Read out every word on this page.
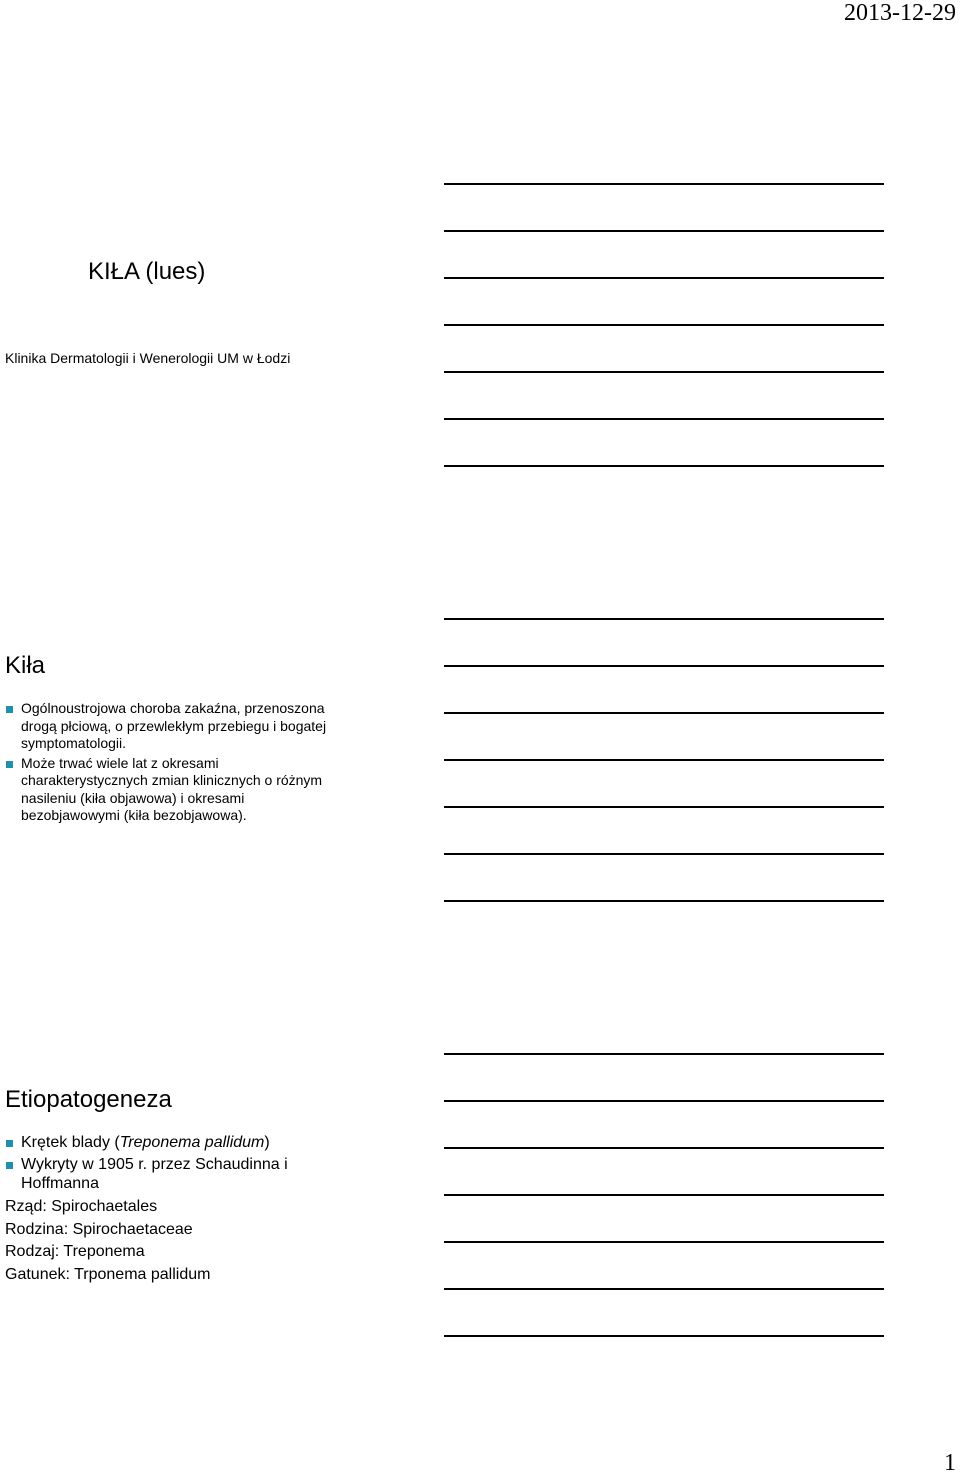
2013-12-29
KIŁA (lues)
Klinika Dermatologii i Wenerologii UM w Łodzi
Kiła
Ogólnoustrojowa choroba zakaźna, przenoszona drogą płciową, o przewlekłym przebiegu i bogatej symptomatologii.
Może trwać wiele lat z okresami charakterystycznych zmian klinicznych o różnym nasileniu (kiła objawowa) i okresami bezobjawowymi (kiła bezobjawowa).
Etiopatogeneza
Krętek blady (Treponema pallidum)
Wykryty w 1905 r. przez Schaudinna i Hoffmanna
Rząd: Spirochaetales
Rodzina: Spirochaetaceae
Rodzaj: Treponema
Gatunek: Trponema pallidum
1
